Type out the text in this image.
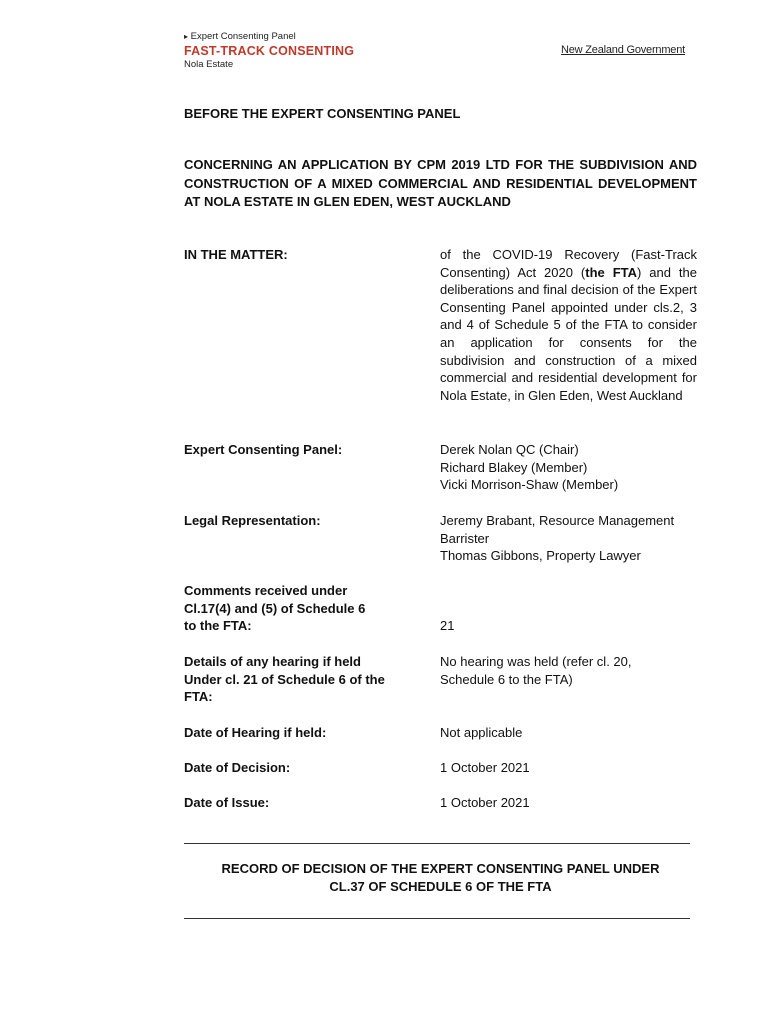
▸ Expert Consenting Panel
FAST-TRACK CONSENTING
Nola Estate
New Zealand Government
BEFORE THE EXPERT CONSENTING PANEL
CONCERNING AN APPLICATION BY CPM 2019 LTD FOR THE SUBDIVISION AND CONSTRUCTION OF A MIXED COMMERCIAL AND RESIDENTIAL DEVELOPMENT AT NOLA ESTATE IN GLEN EDEN, WEST AUCKLAND
IN THE MATTER:	of the COVID-19 Recovery (Fast-Track Consenting) Act 2020 (the FTA) and the deliberations and final decision of the Expert Consenting Panel appointed under cls.2, 3 and 4 of Schedule 5 of the FTA to consider an application for consents for the subdivision and construction of a mixed commercial and residential development for Nola Estate, in Glen Eden, West Auckland
Expert Consenting Panel:	Derek Nolan QC (Chair)
Richard Blakey (Member)
Vicki Morrison-Shaw (Member)
Legal Representation:	Jeremy Brabant, Resource Management
Barrister
Thomas Gibbons, Property Lawyer
Comments received under
Cl.17(4) and (5) of Schedule 6
to the FTA:	21
Details of any hearing if held
Under cl. 21 of Schedule 6 of the
FTA:
No hearing was held (refer cl. 20,
Schedule 6 to the FTA)
Date of Hearing if held:	Not applicable
Date of Decision:	1 October 2021
Date of Issue:	1 October 2021
RECORD OF DECISION OF THE EXPERT CONSENTING PANEL UNDER
CL.37 OF SCHEDULE 6 OF THE FTA
